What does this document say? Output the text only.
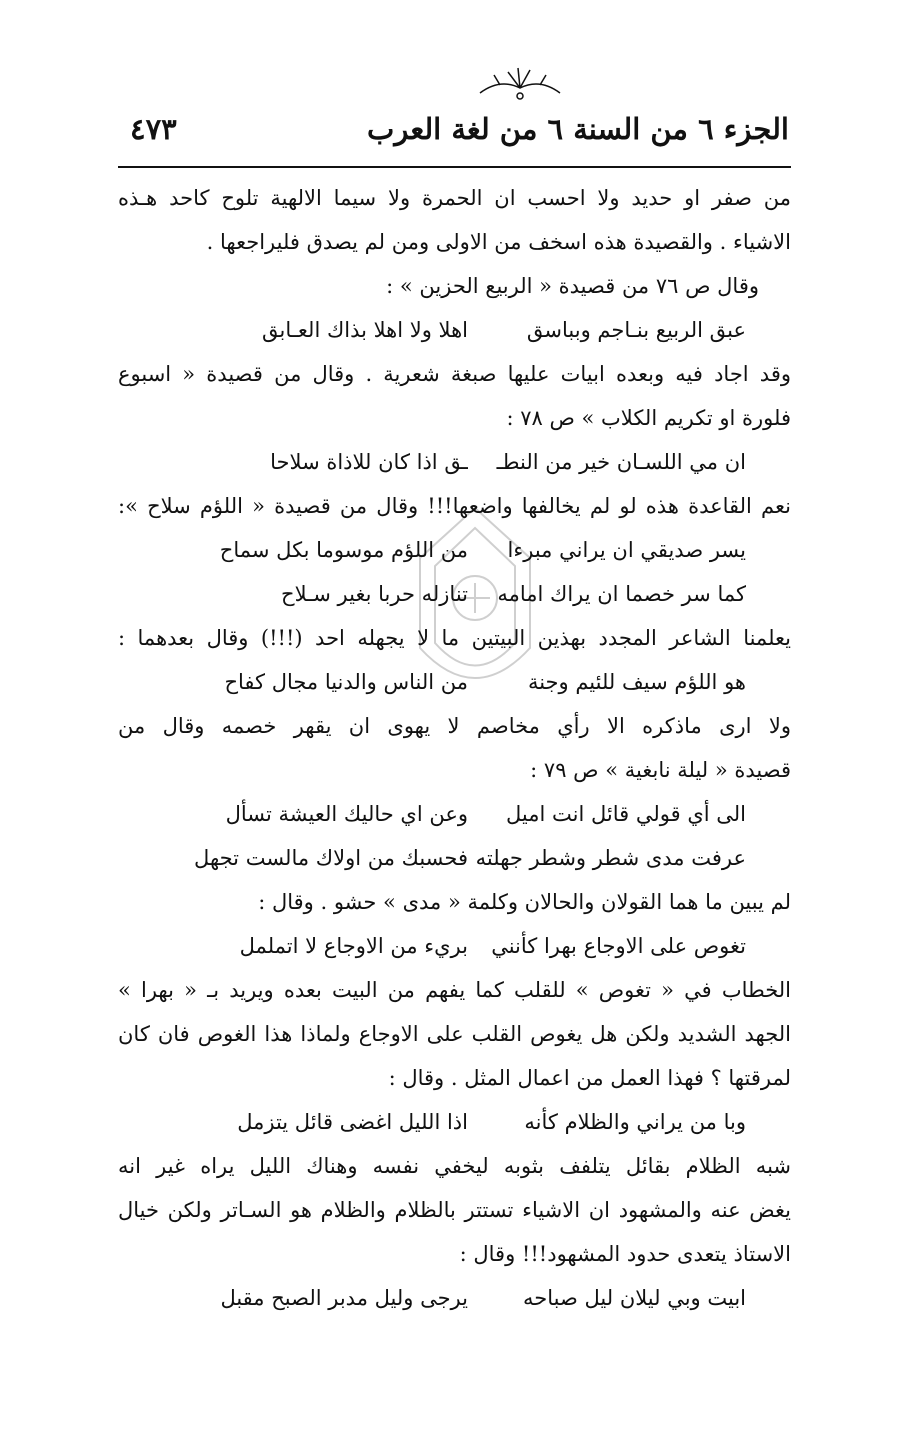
الجزء ٦ من السنة ٦ من لغة العرب
٤٧٣
من صفر او حديد ولا احسب ان الحمرة ولا سيما الالهية تلوح كاحد هـذه
الاشياء . والقصيدة هذه اسخف من الاولى ومن لم يصدق فليراجعها .
وقال ص ٧٦ من قصيدة « الربيع الحزين » :
عبق الربيع بنـاجم وبباسق
اهلا ولا اهلا بذاك العـابق
وقد اجاد فيه وبعده ابيات عليها صبغة شعرية . وقال من قصيدة « اسبوع
فلورة او تكريم الكلاب » ص ٧٨ :
ان مي اللسـان خير من النطـ
ـق اذا كان للاذاة سلاحا
نعم القاعدة هذه لو لم يخالفها واضعها!!! وقال من قصيدة « اللؤم سلاح »:
يسر صديقي ان يراني مبرءا
من اللؤم موسوما بكل سماح
كما سر خصما ان يراك امامه
تنازله حربا بغير سـلاح
يعلمنا الشاعر المجدد بهذين البيتين ما لا يجهله احد (!!!) وقال بعدهما :
هو اللؤم سيف للئيم وجنة
من الناس والدنيا مجال كفاح
ولا ارى ماذكره الا رأي مخاصم لا يهوى ان يقهر خصمه وقال من
قصيدة « ليلة نابغية » ص ٧٩ :
الى أي قولي قائل انت اميل
وعن اي حاليك العيشة تسأل
عرفت مدى شطر وشطر جهلته
فحسبك من اولاك مالست تجهل
لم يبين ما هما القولان والحالان وكلمة « مدى » حشو . وقال :
تغوص على الاوجاع بهرا كأنني
بريء من الاوجاع لا اتململ
الخطاب في « تغوص » للقلب كما يفهم من البيت بعده ويريد بـ « بهرا »
الجهد الشديد ولكن هل يغوص القلب على الاوجاع ولماذا هذا الغوص فان كان
لمرقتها ؟ فهذا العمل من اعمال المثل . وقال :
وبا من يراني والظلام كأنه
اذا الليل اغضى قائل يتزمل
شبه الظلام بقائل يتلفف بثوبه ليخفي نفسه وهناك الليل يراه غير انه
يغض عنه والمشهود ان الاشياء تستتر بالظلام والظلام هو السـاتر ولكن خيال
الاستاذ يتعدى حدود المشهود!!! وقال :
ابيت وبي ليلان ليل صباحه
يرجى وليل مدبر الصبح مقبل
